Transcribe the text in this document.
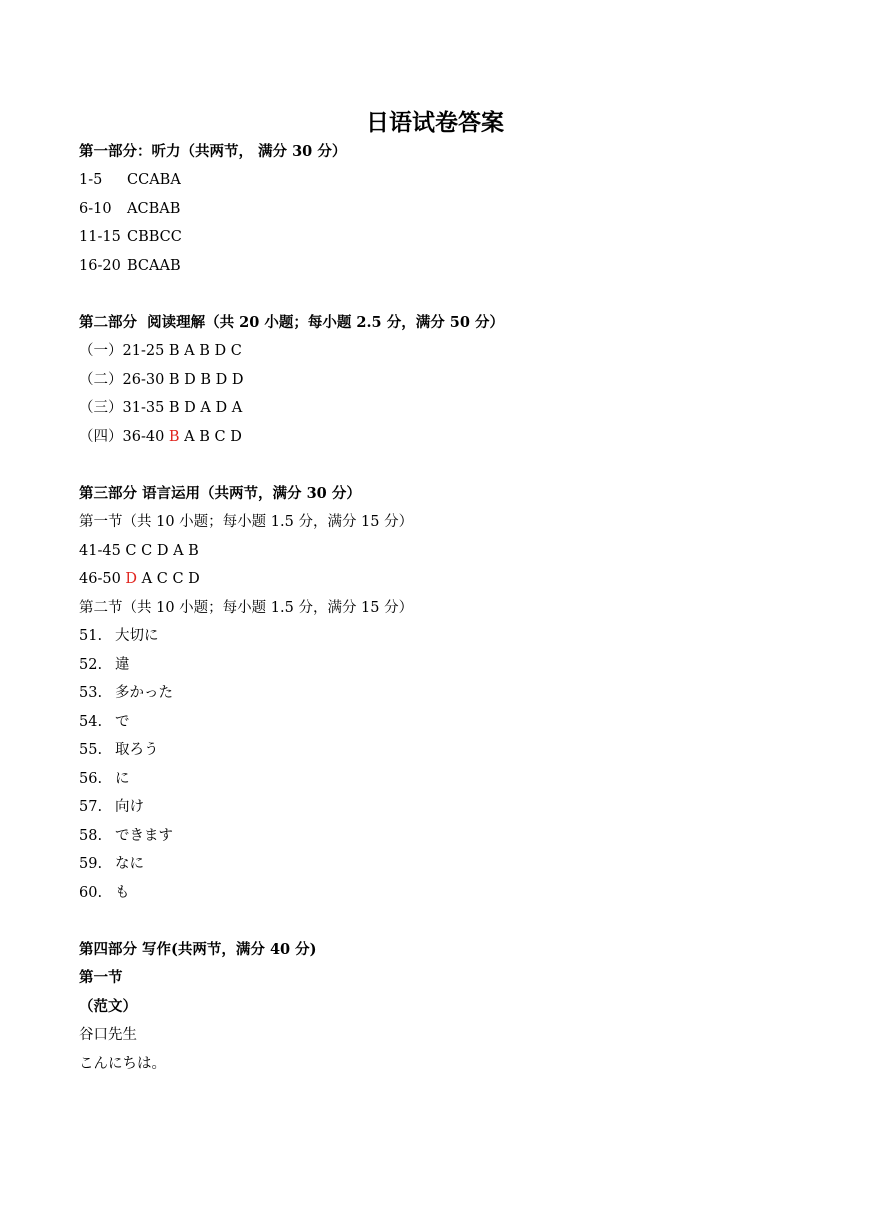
日语试卷答案
第一部分：听力（共两节， 满分 30 分）
1-5 CCABA
6-10 ACBAB
11-15 CBBCC
16-20 BCAAB
第二部分  阅读理解（共 20 小题；每小题 2.5 分，满分 50 分）
（一）21-25 B A B D C
（二）26-30 B D B D D
（三）31-35 B D A D A
（四）36-40 B A B C D
第三部分 语言运用（共两节，满分 30 分）
第一节（共 10 小题；每小题 1.5 分，满分 15 分）
41-45 C C D A B
46-50 D A C C D
第二节（共 10 小题；每小题 1.5 分，满分 15 分）
51. 大切に
52. 違
53. 多かった
54. で
55. 取ろう
56. に
57. 向け
58. できます
59. なに
60. も
第四部分 写作(共两节，满分 40 分)
第一节
（范文）
谷口先生
こんにちは。
